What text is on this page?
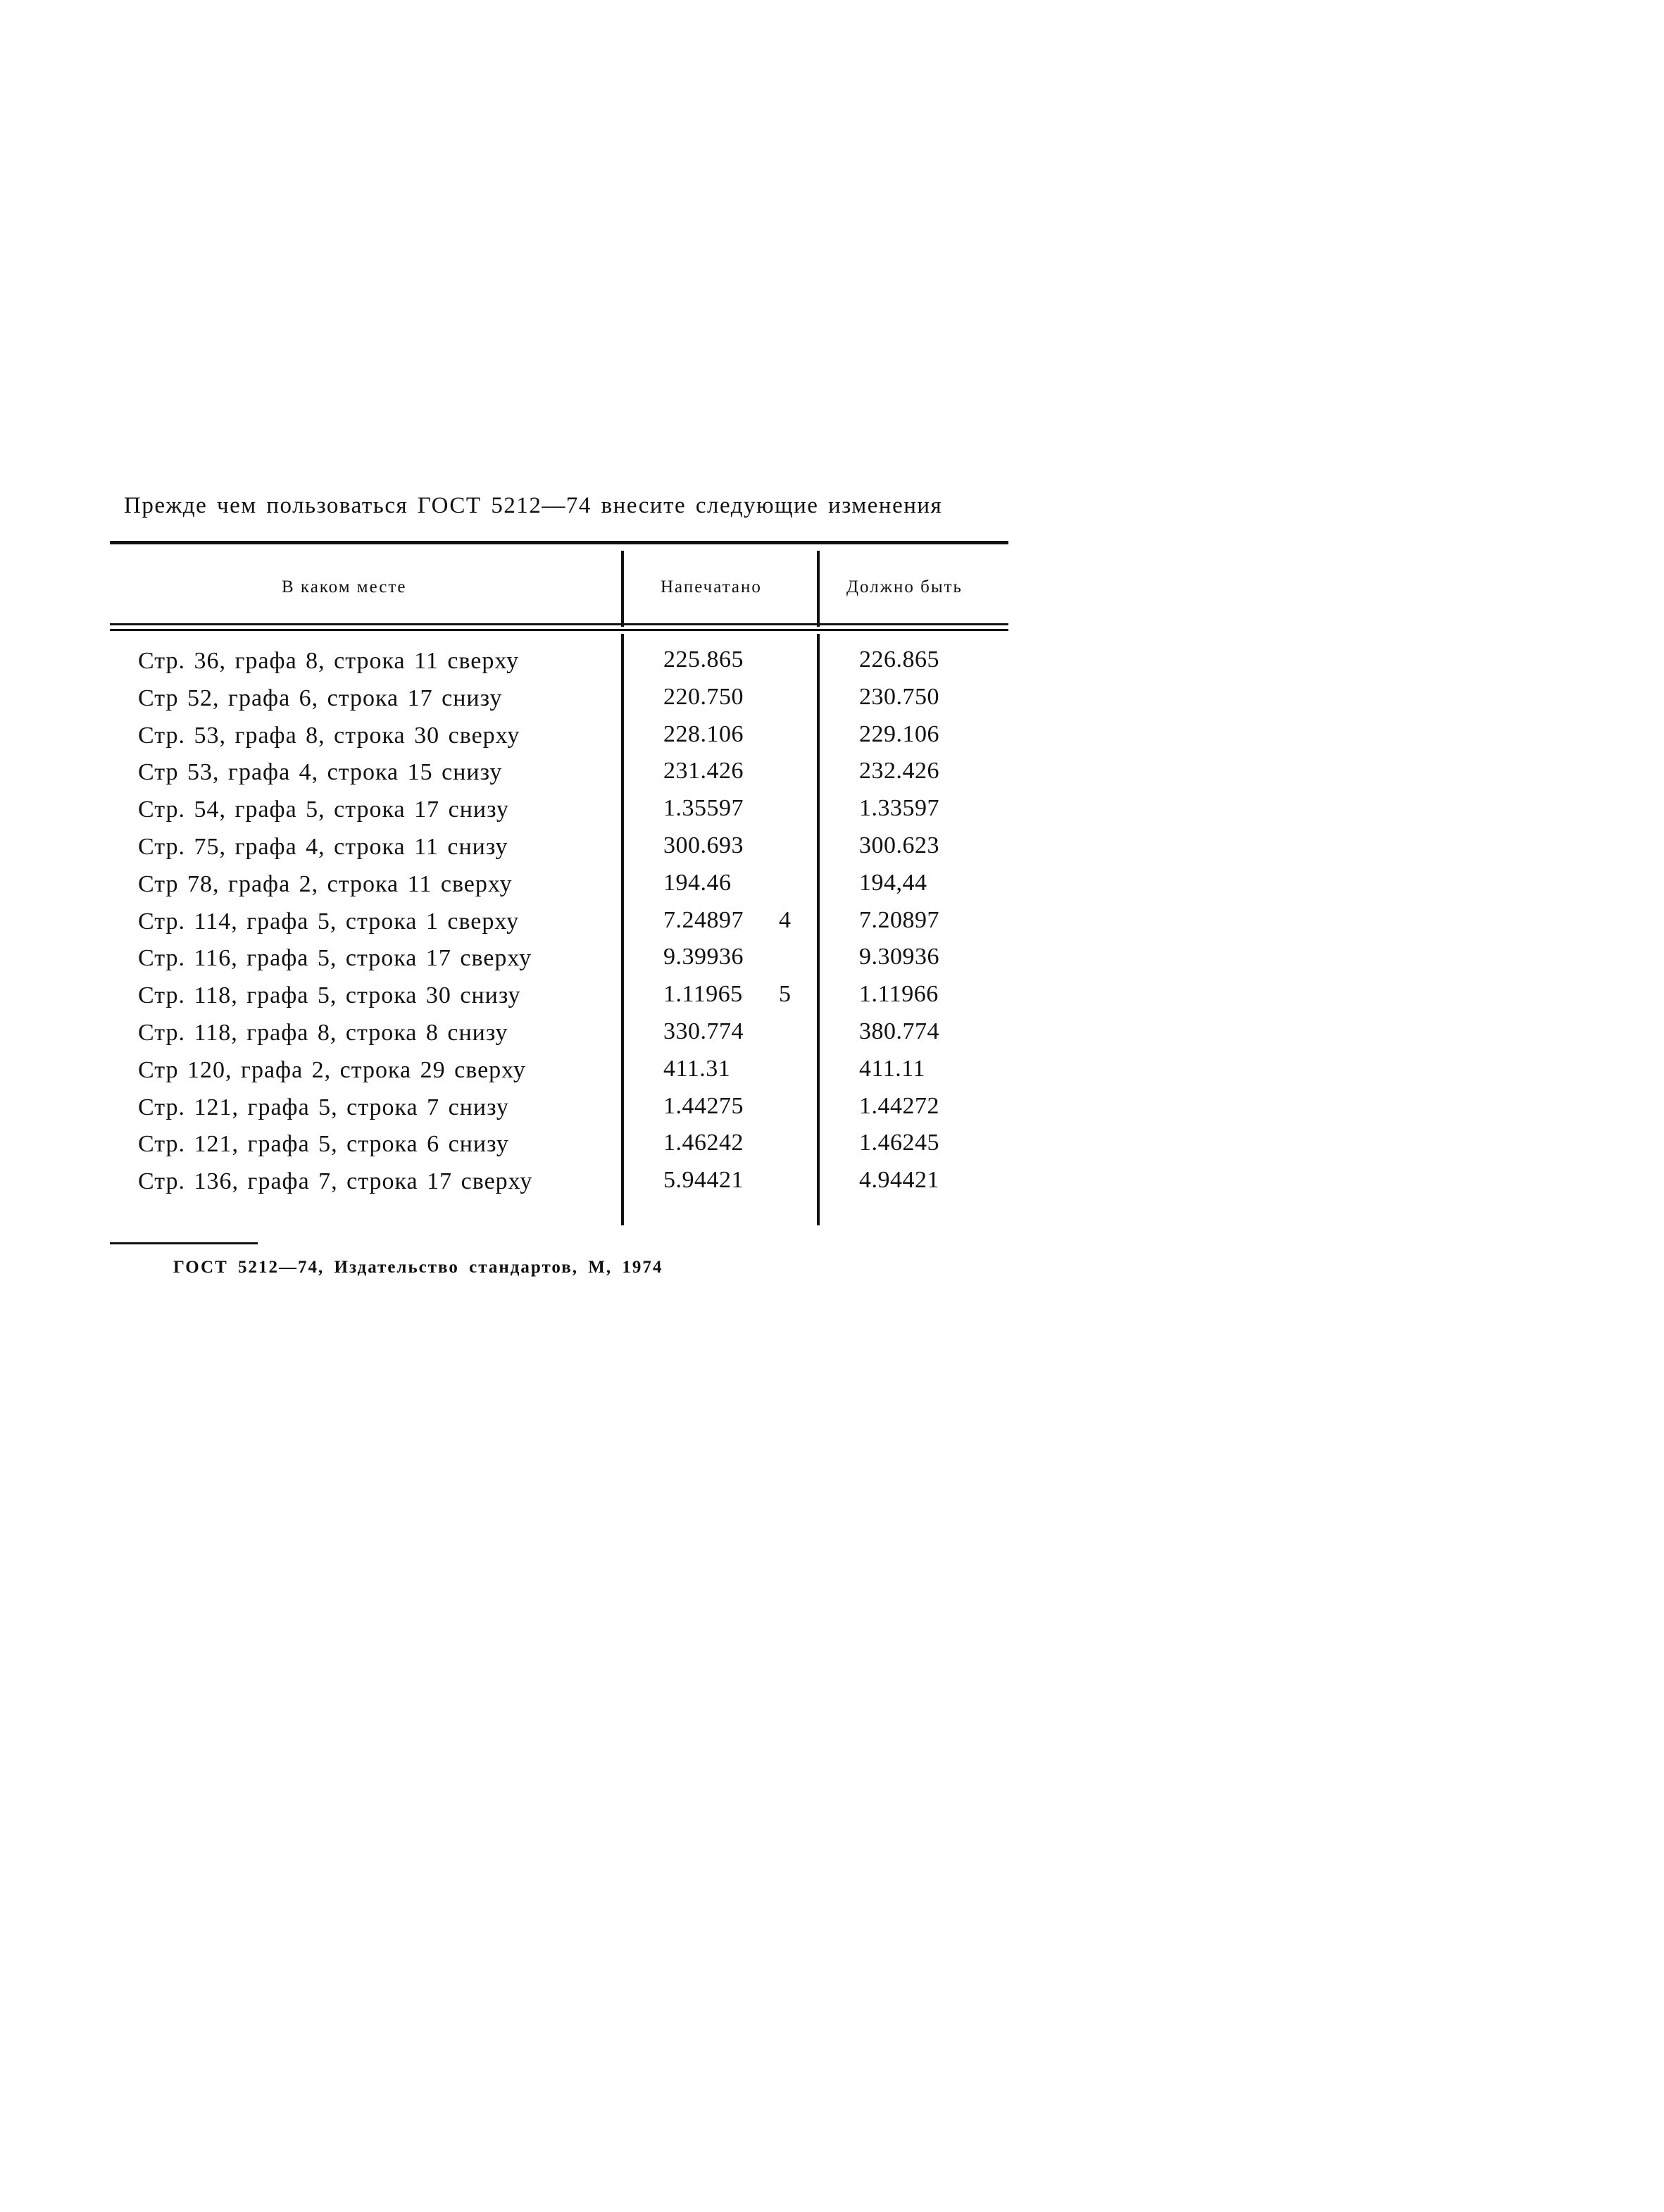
Прежде чем пользоваться ГОСТ 5212—74 внесите следующие изменения
В каком месте	Напечатано	Должно быть
Стр. 36, графа 8, строка 11 сверху	225.865	226.865
Стр 52, графа 6, строка 17 снизу	220.750	230.750
Стр. 53, графа 8, строка 30 сверху	228.106	229.106
Стр 53, графа 4, строка 15 снизу	231.426	232.426
Стр. 54, графа 5, строка 17 снизу	1.35597	1.33597
Стр. 75, графа 4, строка 11 снизу	300.693	300.623
Стр 78, графа 2, строка 11 сверху	194.46	194,44
Стр. 114, графа 5, строка 1 сверху	7.24897 4	7.20897
Стр. 116, графа 5, строка 17 сверху	9.39936	9.30936
Стр. 118, графа 5, строка 30 снизу	1.11965 5	1.11966
Стр. 118, графа 8, строка 8 снизу	330.774	380.774
Стр 120, графа 2, строка 29 сверху	411.31	411.11
Стр. 121, графа 5, строка 7 снизу	1.44275	1.44272
Стр. 121, графа 5, строка 6 снизу	1.46242	1.46245
Стр. 136, графа 7, строка 17 сверху	5.94421	4.94421
ГОСТ 5212—74, Издательство стандартов, М, 1974
